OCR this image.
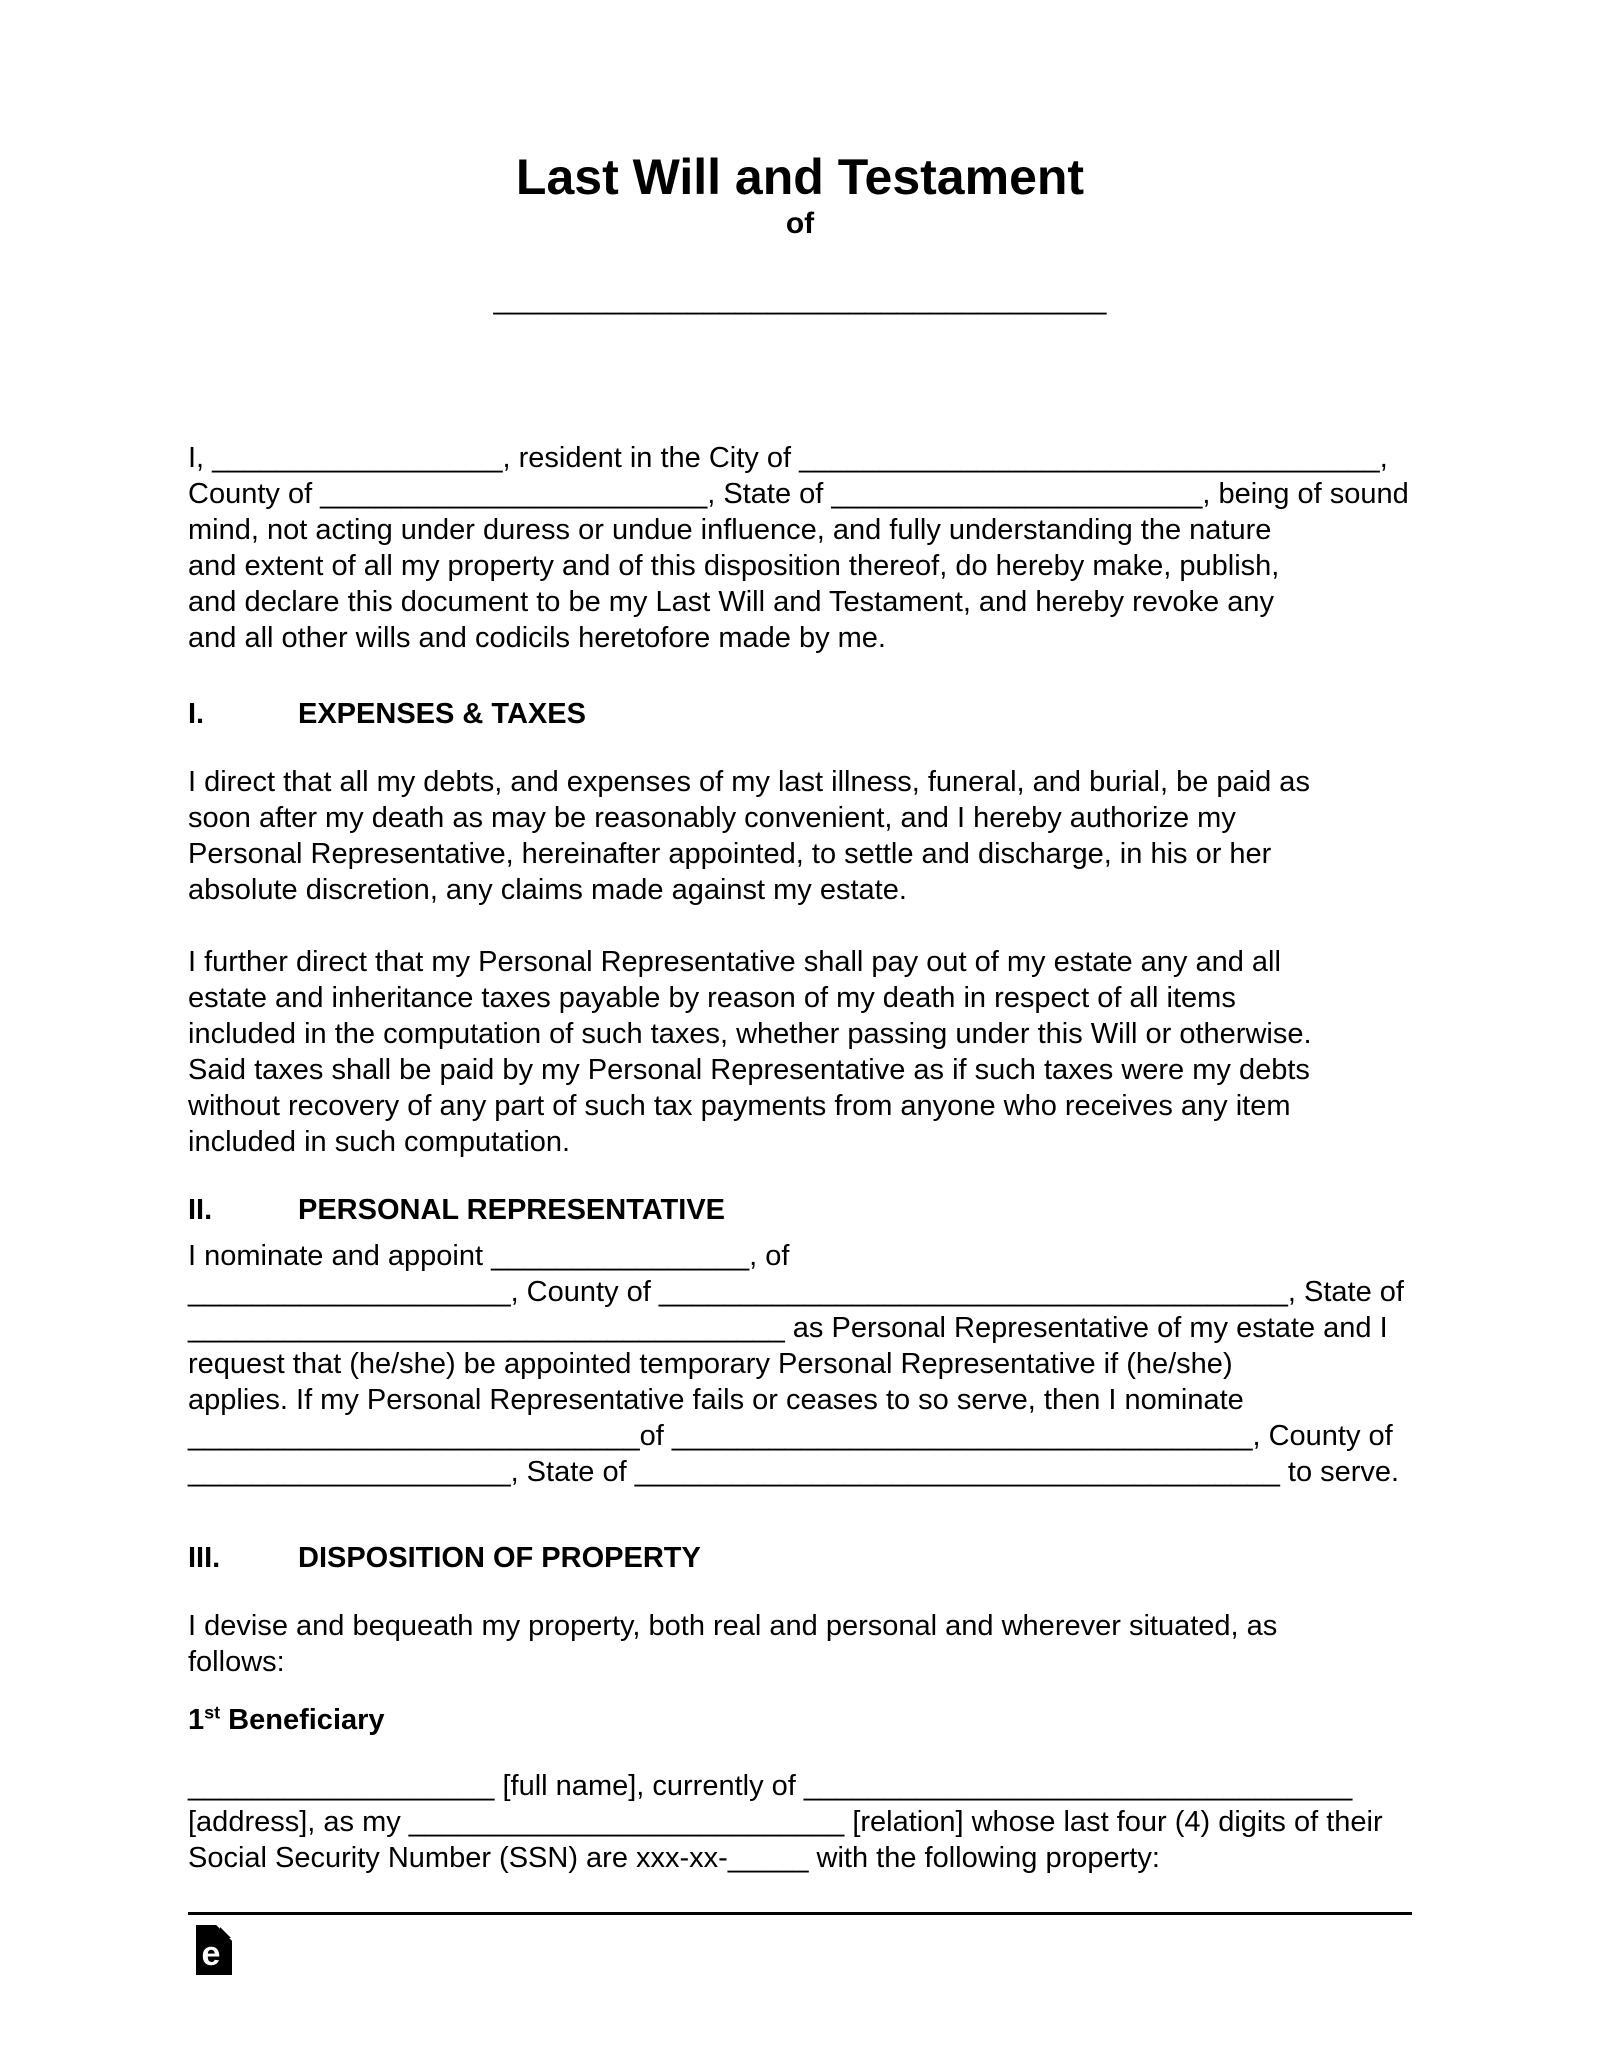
Last Will and Testament
of
______________________________________
I, __________________, resident in the City of ____________________________________,
County of ________________________, State of _______________________, being of sound
mind, not acting under duress or undue influence, and fully understanding the nature
and extent of all my property and of this disposition thereof, do hereby make, publish,
and declare this document to be my Last Will and Testament, and hereby revoke any
and all other wills and codicils heretofore made by me.
I.	EXPENSES & TAXES
I direct that all my debts, and expenses of my last illness, funeral, and burial, be paid as
soon after my death as may be reasonably convenient, and I hereby authorize my
Personal Representative, hereinafter appointed, to settle and discharge, in his or her
absolute discretion, any claims made against my estate.
I further direct that my Personal Representative shall pay out of my estate any and all
estate and inheritance taxes payable by reason of my death in respect of all items
included in the computation of such taxes, whether passing under this Will or otherwise.
Said taxes shall be paid by my Personal Representative as if such taxes were my debts
without recovery of any part of such tax payments from anyone who receives any item
included in such computation.
II.	PERSONAL REPRESENTATIVE
I nominate and appoint ________________, of
____________________, County of _______________________________________, State of
_____________________________________ as Personal Representative of my estate and I
request that (he/she) be appointed temporary Personal Representative if (he/she)
applies. If my Personal Representative fails or ceases to so serve, then I nominate
____________________________of ____________________________________, County of
____________________, State of ________________________________________ to serve.
III.	DISPOSITION OF PROPERTY
I devise and bequeath my property, both real and personal and wherever situated, as
follows:
1st Beneficiary
___________________ [full name], currently of __________________________________
[address], as my ___________________________ [relation] whose last four (4) digits of their
Social Security Number (SSN) are xxx-xx-_____ with the following property:
e
